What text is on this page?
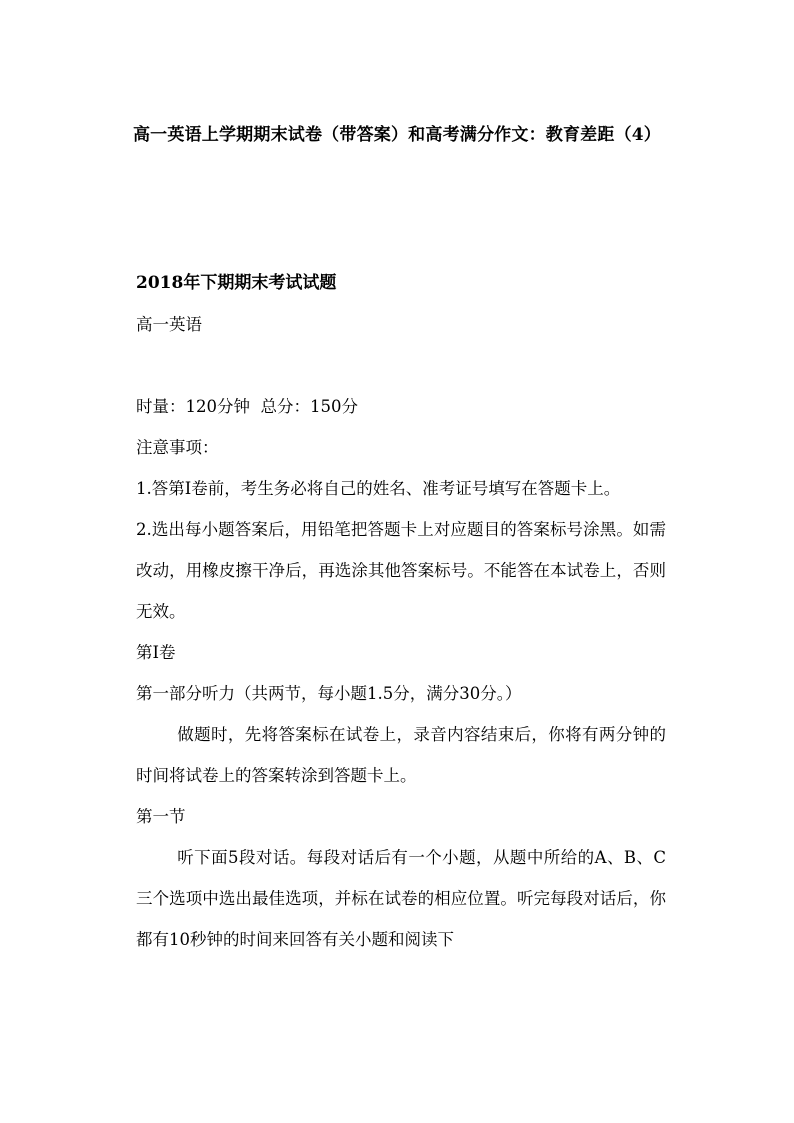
高一英语上学期期末试卷（带答案）和高考满分作文：教育差距（4）

2018年下期期末考试试题

高一英语

时量：120分钟  总分：150分

注意事项：

1.答第Ⅰ卷前，考生务必将自己的姓名、准考证号填写在答题卡上。

2.选出每小题答案后，用铅笔把答题卡上对应题目的答案标号涂黑。如需改动，用橡皮擦干净后，再选涂其他答案标号。不能答在本试卷上，否则无效。

第Ⅰ卷

第一部分听力（共两节，每小题1.5分，满分30分。）

做题时，先将答案标在试卷上，录音内容结束后，你将有两分钟的时间将试卷上的答案转涂到答题卡上。

第一节

听下面5段对话。每段对话后有一个小题，从题中所给的A、B、C三个选项中选出最佳选项，并标在试卷的相应位置。听完每段对话后，你都有10秒钟的时间来回答有关小题和阅读下
